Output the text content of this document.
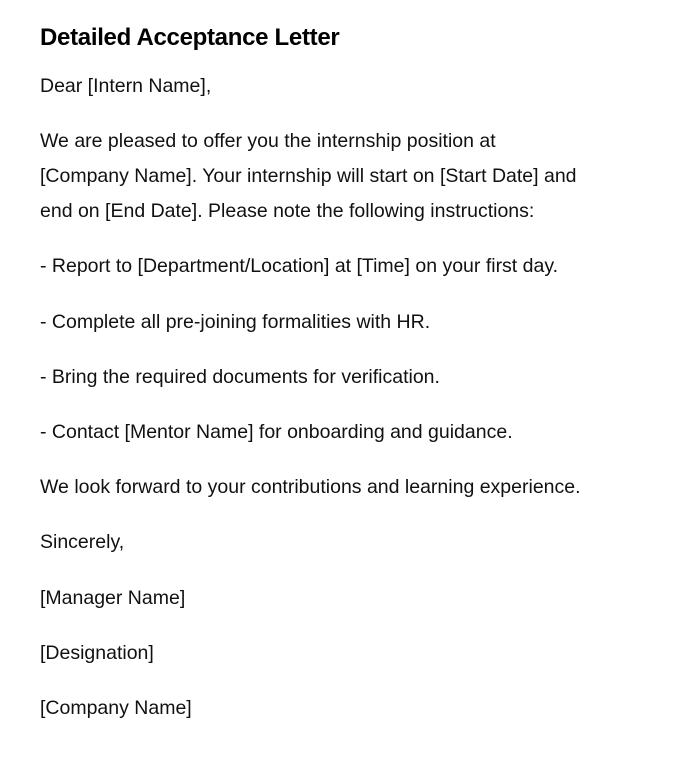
Detailed Acceptance Letter
Dear [Intern Name],
We are pleased to offer you the internship position at
[Company Name]. Your internship will start on [Start Date] and
end on [End Date]. Please note the following instructions:
- Report to [Department/Location] at [Time] on your first day.
- Complete all pre-joining formalities with HR.
- Bring the required documents for verification.
- Contact [Mentor Name] for onboarding and guidance.
We look forward to your contributions and learning experience.
Sincerely,
[Manager Name]
[Designation]
[Company Name]
